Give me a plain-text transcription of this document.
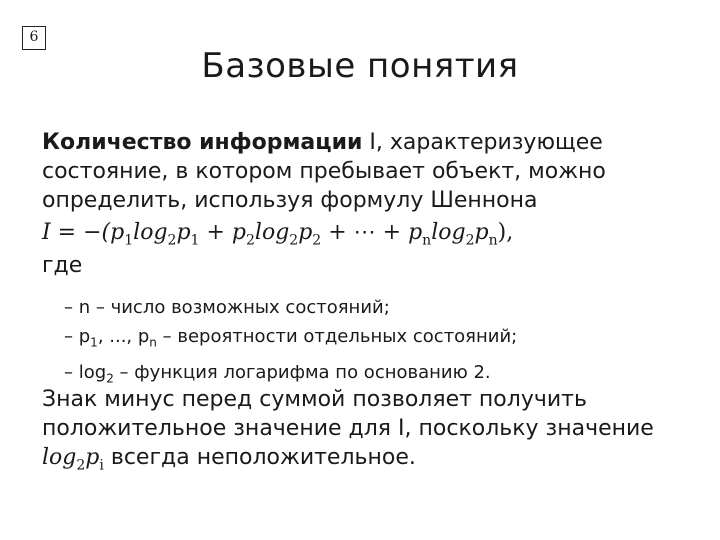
6
Базовые понятия
Количество информации I, характеризующее состояние, в котором пребывает объект, можно определить, используя формулу Шеннона
$I = -(p_1\log_2p_1 + p_2\log_2p_2$ + ⋯ + $p_n\log_2p_n$),
где
– n – число возможных состояний;
– $p_1$, ..., $p_n$ – вероятности отдельных состояний;
– $\log_2$ – функция логарифма по основанию 2.
Знак минус перед суммой позволяет получить положительное значение для I, поскольку значение $\log_2p_i$ всегда неположительное.
